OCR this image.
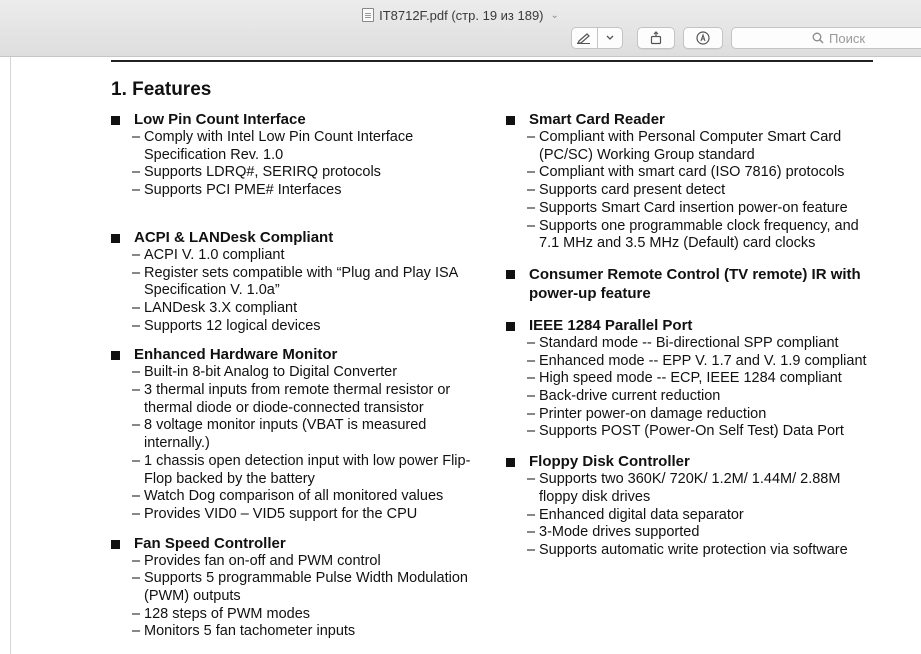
IT8712F.pdf (стр. 19 из 189) ⌄
Поиск
1. Features
Low Pin Count Interface
– Comply with Intel Low Pin Count Interface Specification Rev. 1.0
– Supports LDRQ#, SERIRQ protocols
– Supports PCI PME# Interfaces
ACPI & LANDesk Compliant
– ACPI V. 1.0 compliant
– Register sets compatible with “Plug and Play ISA Specification V. 1.0a”
– LANDesk 3.X compliant
– Supports 12 logical devices
Enhanced Hardware Monitor
– Built-in 8-bit Analog to Digital Converter
– 3 thermal inputs from remote thermal resistor or thermal diode or diode-connected transistor
– 8 voltage monitor inputs (VBAT is measured internally.)
– 1 chassis open detection input with low power Flip-Flop backed by the battery
– Watch Dog comparison of all monitored values
– Provides VID0 – VID5 support for the CPU
Fan Speed Controller
– Provides fan on-off and PWM control
– Supports 5 programmable Pulse Width Modulation (PWM) outputs
– 128 steps of PWM modes
– Monitors 5 fan tachometer inputs
Smart Card Reader
– Compliant with Personal Computer Smart Card (PC/SC) Working Group standard
– Compliant with smart card (ISO 7816) protocols
– Supports card present detect
– Supports Smart Card insertion power-on feature
– Supports one programmable clock frequency, and 7.1 MHz and 3.5 MHz (Default) card clocks
Consumer Remote Control (TV remote) IR with power-up feature
IEEE 1284 Parallel Port
– Standard mode -- Bi-directional SPP compliant
– Enhanced mode -- EPP V. 1.7 and V. 1.9 compliant
– High speed mode -- ECP, IEEE 1284 compliant
– Back-drive current reduction
– Printer power-on damage reduction
– Supports POST (Power-On Self Test) Data Port
Floppy Disk Controller
– Supports two 360K/ 720K/ 1.2M/ 1.44M/ 2.88M floppy disk drives
– Enhanced digital data separator
– 3-Mode drives supported
– Supports automatic write protection via software
